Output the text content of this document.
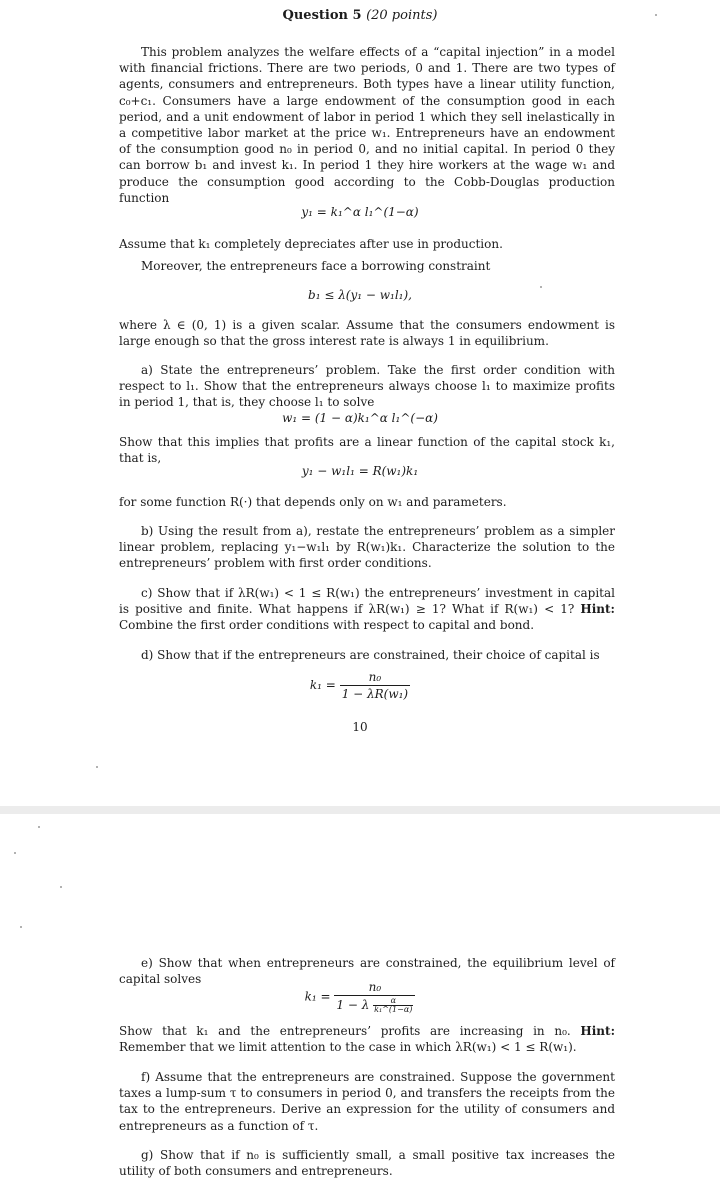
Question 5 (20 points)
This problem analyzes the welfare effects of a “capital injection” in a model with financial frictions. There are two periods, 0 and 1. There are two types of agents, consumers and entrepreneurs. Both types have a linear utility function, c₀+c₁. Consumers have a large endowment of the consumption good in each period, and a unit endowment of labor in period 1 which they sell inelastically in a competitive labor market at the price w₁. Entrepreneurs have an endowment of the consumption good n₀ in period 0, and no initial capital. In period 0 they can borrow b₁ and invest k₁. In period 1 they hire workers at the wage w₁ and produce the consumption good according to the Cobb-Douglas production function
y₁ = k₁^α l₁^(1−α)
Assume that k₁ completely depreciates after use in production.
Moreover, the entrepreneurs face a borrowing constraint
b₁ ≤ λ(y₁ − w₁l₁),
where λ ∈ (0, 1) is a given scalar. Assume that the consumers endowment is large enough so that the gross interest rate is always 1 in equilibrium.
a) State the entrepreneurs’ problem. Take the first order condition with respect to l₁. Show that the entrepreneurs always choose l₁ to maximize profits in period 1, that is, they choose l₁ to solve
w₁ = (1 − α)k₁^α l₁^(−α)
Show that this implies that profits are a linear function of the capital stock k₁, that is,
y₁ − w₁l₁ = R(w₁)k₁
for some function R(·) that depends only on w₁ and parameters.
b) Using the result from a), restate the entrepreneurs’ problem as a simpler linear problem, replacing y₁−w₁l₁ by R(w₁)k₁. Characterize the solution to the entrepreneurs’ problem with first order conditions.
c) Show that if λR(w₁) < 1 ≤ R(w₁) the entrepreneurs’ investment in capital is positive and finite. What happens if λR(w₁) ≥ 1? What if R(w₁) < 1? Hint: Combine the first order conditions with respect to capital and bond.
d) Show that if the entrepreneurs are constrained, their choice of capital is
$k_1 = \frac{\text{n₀}}{\text{1 − λR(w₁)}}$
10
e) Show that when entrepreneurs are constrained, the equilibrium level of capital solves
$k_1 = \frac{\text{n₀}}{1 - \lambda \frac{\alpha}{\text{k₁\textasciicircum{}(1−α)}}}$
Show that k₁ and the entrepreneurs’ profits are increasing in n₀. Hint: Remember that we limit attention to the case in which λR(w₁) < 1 ≤ R(w₁).
f) Assume that the entrepreneurs are constrained. Suppose the government taxes a lump-sum τ to consumers in period 0, and transfers the receipts from the tax to the entrepreneurs. Derive an expression for the utility of consumers and entrepreneurs as a function of τ.
g) Show that if n₀ is sufficiently small, a small positive tax increases the utility of both consumers and entrepreneurs.
